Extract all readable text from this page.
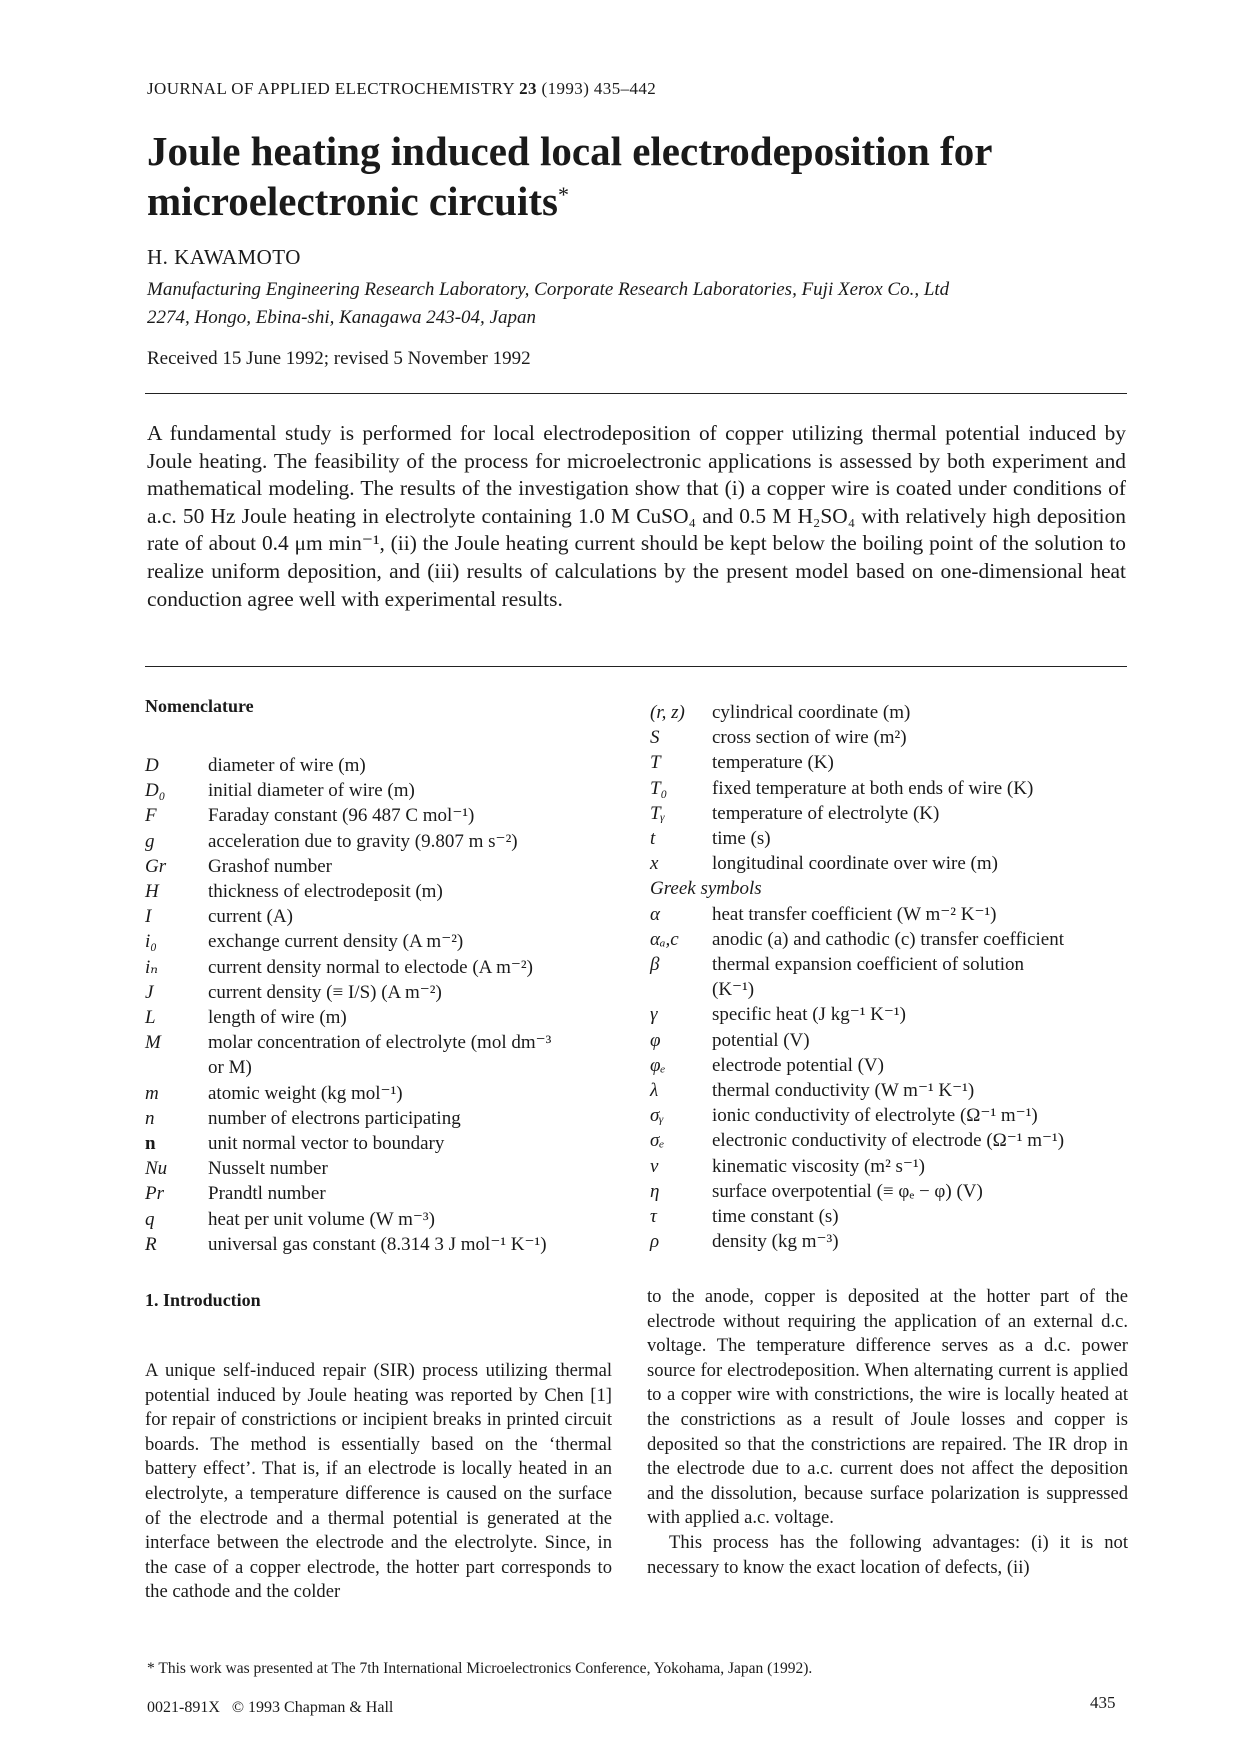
JOURNAL OF APPLIED ELECTROCHEMISTRY 23 (1993) 435–442
Joule heating induced local electrodeposition for microelectronic circuits*
H. KAWAMOTO
Manufacturing Engineering Research Laboratory, Corporate Research Laboratories, Fuji Xerox Co., Ltd
2274, Hongo, Ebina-shi, Kanagawa 243-04, Japan
Received 15 June 1992; revised 5 November 1992
A fundamental study is performed for local electrodeposition of copper utilizing thermal potential induced by Joule heating. The feasibility of the process for microelectronic applications is assessed by both experiment and mathematical modeling. The results of the investigation show that (i) a copper wire is coated under conditions of a.c. 50 Hz Joule heating in electrolyte containing 1.0 M CuSO₄ and 0.5 M H₂SO₄ with relatively high deposition rate of about 0.4 μm min⁻¹, (ii) the Joule heating current should be kept below the boiling point of the solution to realize uniform deposition, and (iii) results of calculations by the present model based on one-dimensional heat conduction agree well with experimental results.
Nomenclature
D	diameter of wire (m)
D₀	initial diameter of wire (m)
F	Faraday constant (96 487 C mol⁻¹)
g	acceleration due to gravity (9.807 m s⁻²)
Gr	Grashof number
H	thickness of electrodeposit (m)
I	current (A)
i₀	exchange current density (A m⁻²)
iₙ	current density normal to electode (A m⁻²)
J	current density (≡ I/S) (A m⁻²)
L	length of wire (m)
M	molar concentration of electrolyte (mol dm⁻³
or M)
m	atomic weight (kg mol⁻¹)
n	number of electrons participating
n	unit normal vector to boundary
Nu	Nusselt number
Pr	Prandtl number
q	heat per unit volume (W m⁻³)
R	universal gas constant (8.314 3 J mol⁻¹ K⁻¹)
(r, z)	cylindrical coordinate (m)
S	cross section of wire (m²)
T	temperature (K)
T₀	fixed temperature at both ends of wire (K)
Tᵧ	temperature of electrolyte (K)
t	time (s)
x	longitudinal coordinate over wire (m)
Greek symbols
α	heat transfer coefficient (W m⁻² K⁻¹)
αₐ,c	anodic (a) and cathodic (c) transfer coefficient
β	thermal expansion coefficient of solution
(K⁻¹)
γ	specific heat (J kg⁻¹ K⁻¹)
φ	potential (V)
φₑ	electrode potential (V)
λ	thermal conductivity (W m⁻¹ K⁻¹)
σᵧ	ionic conductivity of electrolyte (Ω⁻¹ m⁻¹)
σₑ	electronic conductivity of electrode (Ω⁻¹ m⁻¹)
ν	kinematic viscosity (m² s⁻¹)
η	surface overpotential (≡ φₑ − φ) (V)
τ	time constant (s)
ρ	density (kg m⁻³)
1. Introduction
A unique self-induced repair (SIR) process utilizing thermal potential induced by Joule heating was reported by Chen [1] for repair of constrictions or incipient breaks in printed circuit boards. The method is essentially based on the ‘thermal battery effect’. That is, if an electrode is locally heated in an electrolyte, a temperature difference is caused on the surface of the electrode and a thermal potential is generated at the interface between the electrode and the electrolyte. Since, in the case of a copper electrode, the hotter part corresponds to the cathode and the colder
to the anode, copper is deposited at the hotter part of the electrode without requiring the application of an external d.c. voltage. The temperature difference serves as a d.c. power source for electrodeposition. When alternating current is applied to a copper wire with constrictions, the wire is locally heated at the constrictions as a result of Joule losses and copper is deposited so that the constrictions are repaired. The IR drop in the electrode due to a.c. current does not affect the deposition and the dissolution, because surface polarization is suppressed with applied a.c. voltage.
This process has the following advantages: (i) it is not necessary to know the exact location of defects, (ii)
* This work was presented at The 7th International Microelectronics Conference, Yokohama, Japan (1992).
0021-891X   © 1993 Chapman & Hall	435
